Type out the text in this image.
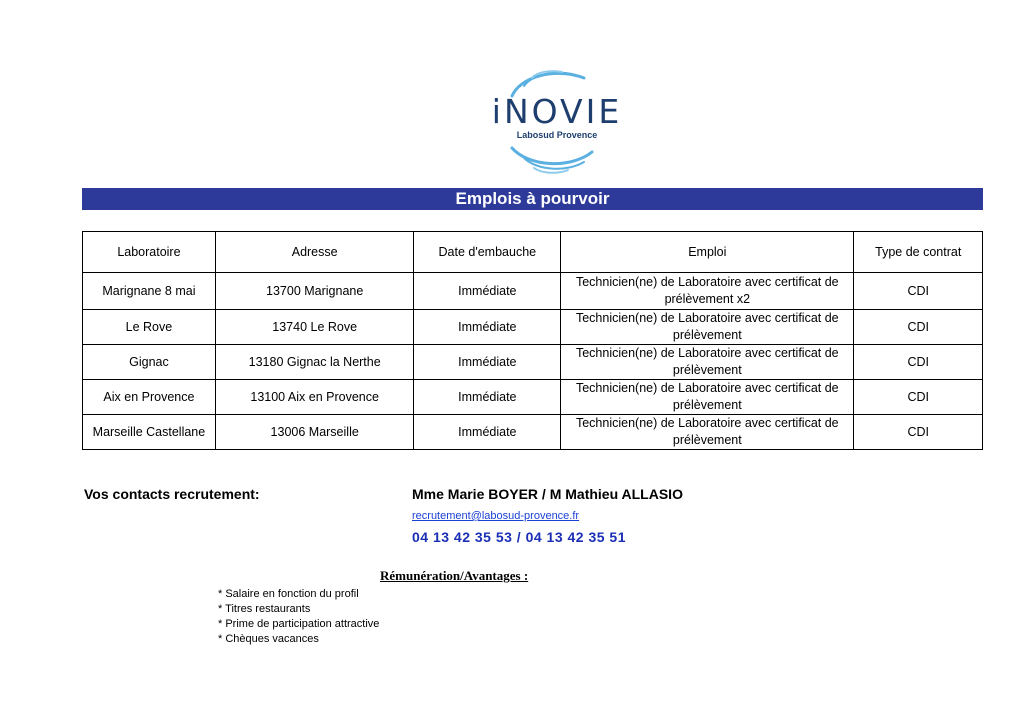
iNOVIE
Labosud Provence
Emplois à pourvoir
Laboratoire	Adresse	Date d'embauche	Emploi	Type de contrat
Marignane 8 mai	13700 Marignane	Immédiate	Technicien(ne) de Laboratoire avec certificat de prélèvement x2	CDI
Le Rove	13740 Le Rove	Immédiate	Technicien(ne) de Laboratoire avec certificat de prélèvement	CDI
Gignac	13180 Gignac la Nerthe	Immédiate	Technicien(ne) de Laboratoire avec certificat de prélèvement	CDI
Aix en Provence	13100 Aix en Provence	Immédiate	Technicien(ne) de Laboratoire avec certificat de prélèvement	CDI
Marseille Castellane	13006 Marseille	Immédiate	Technicien(ne) de Laboratoire avec certificat de prélèvement	CDI
Vos contacts recrutement:	Mme Marie BOYER / M Mathieu ALLASIO
recrutement@labosud-provence.fr
04 13 42 35 53 / 04 13 42 35 51
Rémunération/Avantages :
* Salaire en fonction du profil
* Titres restaurants
* Prime de participation attractive
* Chèques vacances
